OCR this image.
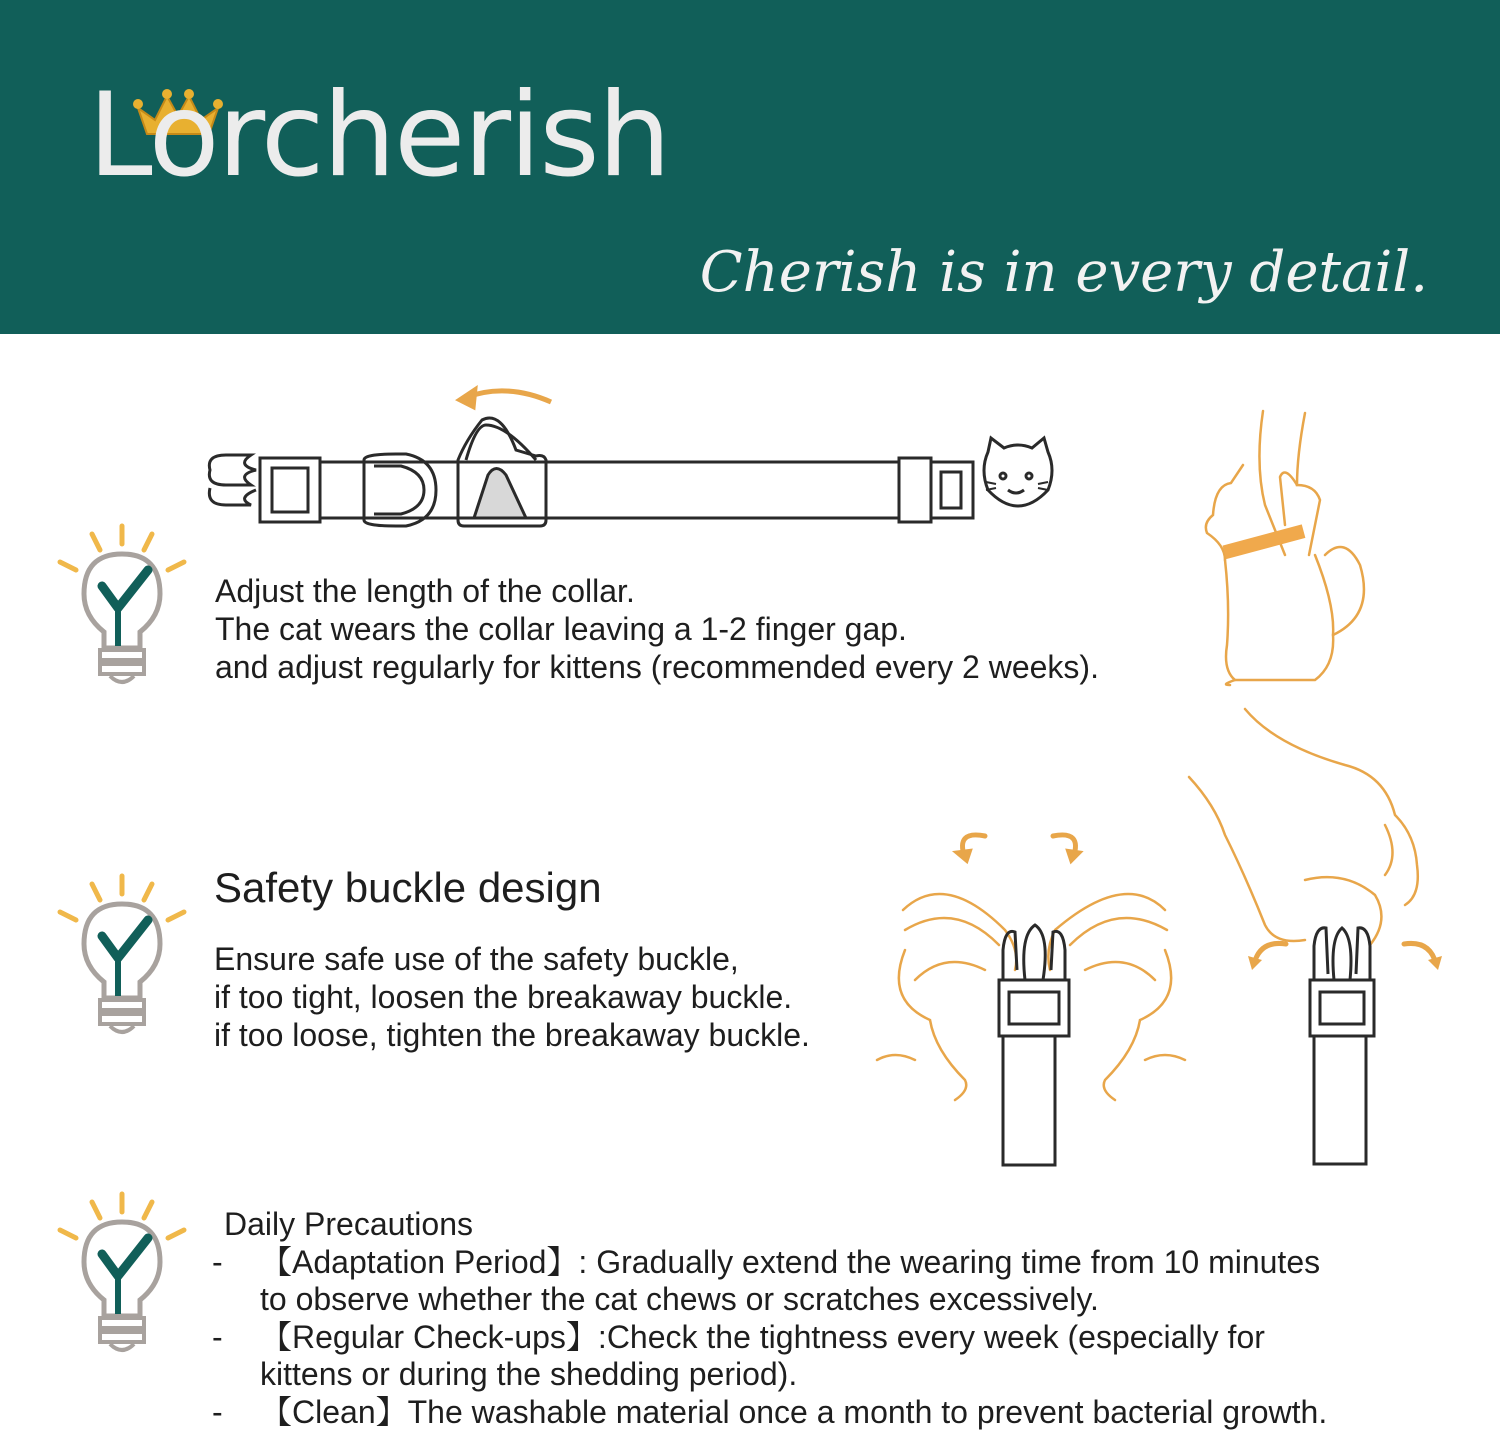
Lorcherish
Cherish is in every detail.
Adjust the length of the collar.
The cat wears the collar leaving a 1-2 finger gap.
and adjust regularly for kittens (recommended every 2 weeks).
Safety buckle design
Ensure safe use of the safety buckle,
if too tight, loosen the breakaway buckle.
if too loose, tighten the breakaway buckle.
Daily Precautions
-	【Adaptation Period】 : Gradually extend the wearing time from 10 minutes
to observe whether the cat chews or scratches excessively.
-	【Regular Check-ups】 :Check the tightness every week (especially for
kittens or during the shedding period).
-	【Clean】 The washable material once a month to prevent bacterial growth.
